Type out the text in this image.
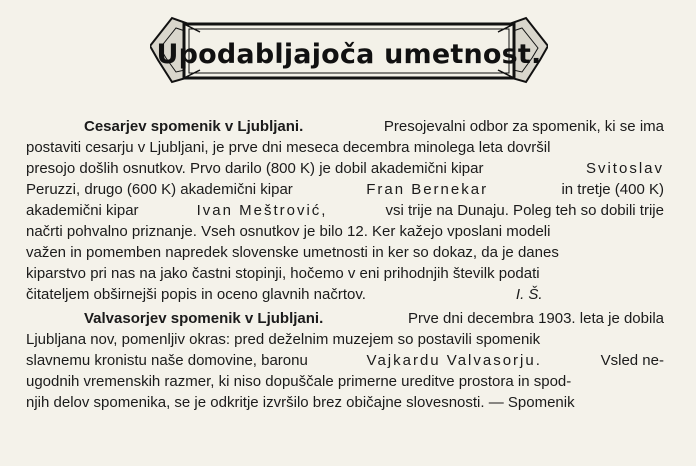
Upodabljajoča umetnost.
Cesarjev spomenik v Ljubljani.	Presojevalni odbor za spomenik, ki se ima
postaviti cesarju v Ljubljani, je prve dni meseca decembra minolega leta dovršil
presojo došlih osnutkov. Prvo darilo (800 K) je dobil akademični kipar	Svitoslav
Peruzzi, drugo (600 K) akademični kipar	Fran Bernekar	in tretje (400 K)
akademični kipar	Ivan Meštrović,	vsi trije na Dunaju. Poleg teh so dobili trije
načrti pohvalno priznanje. Vseh osnutkov je bilo 12. Ker kažejo vposlani modeli
važen in pomemben napredek slovenske umetnosti in ker so dokaz, da je danes
kiparstvo pri nas na jako častni stopinji, hočemo v eni prihodnjih številk podati
čitateljem obširnejši popis in oceno glavnih načrtov.	I. Š.
Valvasorjev spomenik v Ljubljani.	Prve dni decembra 1903. leta je dobila
Ljubljana nov, pomenljiv okras: pred deželnim muzejem so postavili spomenik
slavnemu kronistu naše domovine, baronu	Vajkardu Valvasorju.	Vsled ne-
ugodnih vremenskih razmer, ki niso dopuščale primerne ureditve prostora in spod-
njih delov spomenika, se je odkritje izvršilo brez običajne slovesnosti. — Spomenik
